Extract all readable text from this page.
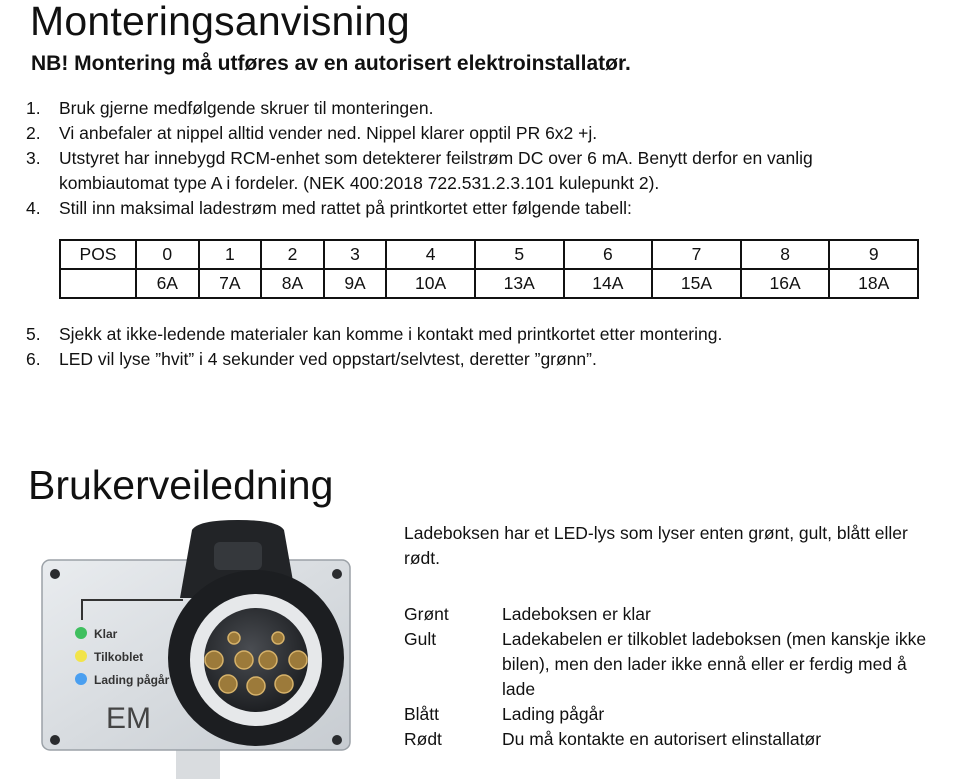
Monteringsanvisning

NB! Montering må utføres av en autorisert elektroinstallatør.

1.	Bruk gjerne medfølgende skruer til monteringen.
2.	Vi anbefaler at nippel alltid vender ned. Nippel klarer opptil PR 6x2 +j.
3.	Utstyret har innebygd RCM-enhet som detekterer feilstrøm DC over 6 mA. Benytt derfor en vanlig kombiautomat type A i fordeler. (NEK 400:2018 722.531.2.3.101 kulepunkt 2).
4.	Still inn maksimal ladestrøm med rattet på printkortet etter følgende tabell:
POS	0	1	2	3	4	5	6	7	8	9
	6A	7A	8A	9A	10A	13A	14A	15A	16A	18A
5.	Sjekk at ikke-ledende materialer kan komme i kontakt med printkortet etter montering.
6.	LED vil lyse ”hvit” i 4 sekunder ved oppstart/selvtest, deretter ”grønn”.
Brukerveiledning
Klar
Tilkoblet
Lading pågår
EM
Ladeboksen har et LED-lys som lyser enten grønt, gult, blått eller rødt.
Grønt	Ladeboksen er klar
Gult	Ladekabelen er tilkoblet ladeboksen (men kanskje ikke bilen), men den lader ikke ennå eller er ferdig med å lade
Blått	Lading pågår
Rødt	Du må kontakte en autorisert elinstallatør
